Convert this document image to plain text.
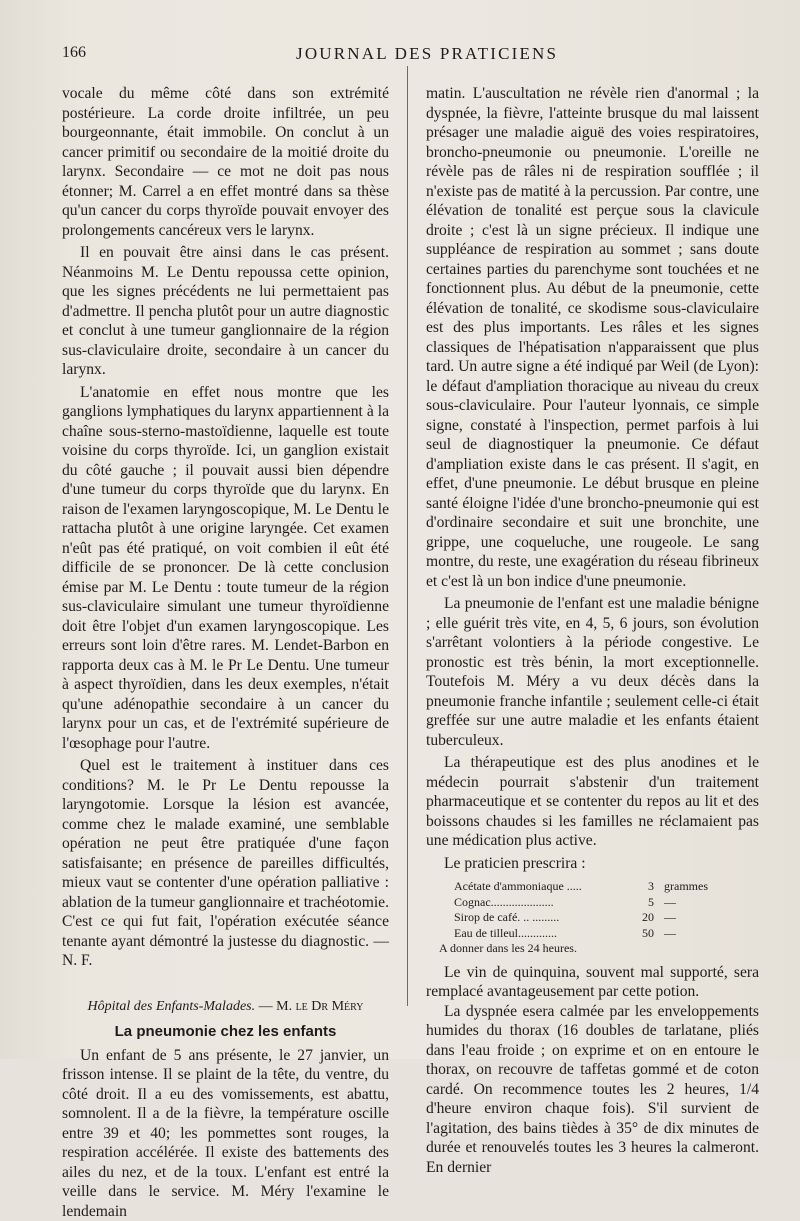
166	JOURNAL DES PRATICIENS

vocale du même côté dans son extrémité postérieure. La corde droite infiltrée, un peu bourgeonnante, était immobile. On conclut à un cancer primitif ou secondaire de la moitié droite du larynx. Secondaire — ce mot ne doit pas nous étonner; M. Carrel a en effet montré dans sa thèse qu'un cancer du corps thyroïde pouvait envoyer des prolongements cancéreux vers le larynx.

Il en pouvait être ainsi dans le cas présent. Néanmoins M. Le Dentu repoussa cette opinion, que les signes précédents ne lui permettaient pas d'admettre. Il pencha plutôt pour un autre diagnostic et conclut à une tumeur ganglionnaire de la région sus-claviculaire droite, secondaire à un cancer du larynx.

L'anatomie en effet nous montre que les ganglions lymphatiques du larynx appartiennent à la chaîne sous-sterno-mastoïdienne, laquelle est toute voisine du corps thyroïde. Ici, un ganglion existait du côté gauche ; il pouvait aussi bien dépendre d'une tumeur du corps thyroïde que du larynx. En raison de l'examen laryngoscopique, M. Le Dentu le rattacha plutôt à une origine laryngée. Cet examen n'eût pas été pratiqué, on voit combien il eût été difficile de se prononcer. De là cette conclusion émise par M. Le Dentu : toute tumeur de la région sus-claviculaire simulant une tumeur thyroïdienne doit être l'objet d'un examen laryngoscopique. Les erreurs sont loin d'être rares. M. Lendet-Barbon en rapporta deux cas à M. le Pr Le Dentu. Une tumeur à aspect thyroïdien, dans les deux exemples, n'était qu'une adénopathie secondaire à un cancer du larynx pour un cas, et de l'extrémité supérieure de l'œsophage pour l'autre.

Quel est le traitement à instituer dans ces conditions? M. le Pr Le Dentu repousse la laryngotomie. Lorsque la lésion est avancée, comme chez le malade examiné, une semblable opération ne peut être pratiquée d'une façon satisfaisante; en présence de pareilles difficultés, mieux vaut se contenter d'une opération palliative : ablation de la tumeur ganglionnaire et trachéotomie. C'est ce qui fut fait, l'opération exécutée séance tenante ayant démontré la justesse du diagnostic. — N. F.

Hôpital des Enfants-Malades. — M. le Dr Méry
La pneumonie chez les enfants

Un enfant de 5 ans présente, le 27 janvier, un frisson intense. Il se plaint de la tête, du ventre, du côté droit. Il a eu des vomissements, est abattu, somnolent. Il a de la fièvre, la température oscille entre 39 et 40; les pommettes sont rouges, la respiration accélérée. Il existe des battements des ailes du nez, et de la toux. L'enfant est entré la veille dans le service. M. Méry l'examine le lendemain

matin. L'auscultation ne révèle rien d'anormal ; la dyspnée, la fièvre, l'atteinte brusque du mal laissent présager une maladie aiguë des voies respiratoires, broncho-pneumonie ou pneumonie. L'oreille ne révèle pas de râles ni de respiration soufflée ; il n'existe pas de matité à la percussion. Par contre, une élévation de tonalité est perçue sous la clavicule droite ; c'est là un signe précieux. Il indique une suppléance de respiration au sommet ; sans doute certaines parties du parenchyme sont touchées et ne fonctionnent plus. Au début de la pneumonie, cette élévation de tonalité, ce skodisme sous-claviculaire est des plus importants. Les râles et les signes classiques de l'hépatisation n'apparaissent que plus tard. Un autre signe a été indiqué par Weil (de Lyon): le défaut d'ampliation thoracique au niveau du creux sous-claviculaire. Pour l'auteur lyonnais, ce simple signe, constaté à l'inspection, permet parfois à lui seul de diagnostiquer la pneumonie. Ce défaut d'ampliation existe dans le cas présent. Il s'agit, en effet, d'une pneumonie. Le début brusque en pleine santé éloigne l'idée d'une broncho-pneumonie qui est d'ordinaire secondaire et suit une bronchite, une grippe, une coqueluche, une rougeole. Le sang montre, du reste, une exagération du réseau fibrineux et c'est là un bon indice d'une pneumonie.

La pneumonie de l'enfant est une maladie bénigne ; elle guérit très vite, en 4, 5, 6 jours, son évolution s'arrêtant volontiers à la période congestive. Le pronostic est très bénin, la mort exceptionnelle. Toutefois M. Méry a vu deux décès dans la pneumonie franche infantile ; seulement celle-ci était greffée sur une autre maladie et les enfants étaient tuberculeux.

La thérapeutique est des plus anodines et le médecin pourrait s'abstenir d'un traitement pharmaceutique et se contenter du repos au lit et des boissons chaudes si les familles ne réclamaient pas une médication plus active.

Le praticien prescrira :

Acétate d'ammoniaque .....	3 grammes
Cognac.....................	5 —
Sirop de café. .. .........	20 —
Eau de tilleul.............	50 —
A donner dans les 24 heures.

Le vin de quinquina, souvent mal supporté, sera remplacé avantageusement par cette potion.

La dyspnée esera calmée par les enveloppements humides du thorax (16 doubles de tarlatane, pliés dans l'eau froide ; on exprime et on en entoure le thorax, on recouvre de taffetas gommé et de coton cardé. On recommence toutes les 2 heures, 1/4 d'heure environ chaque fois). S'il survient de l'agitation, des bains tièdes à 35° de dix minutes de durée et renouvelés toutes les 3 heures la calmeront. En dernier
